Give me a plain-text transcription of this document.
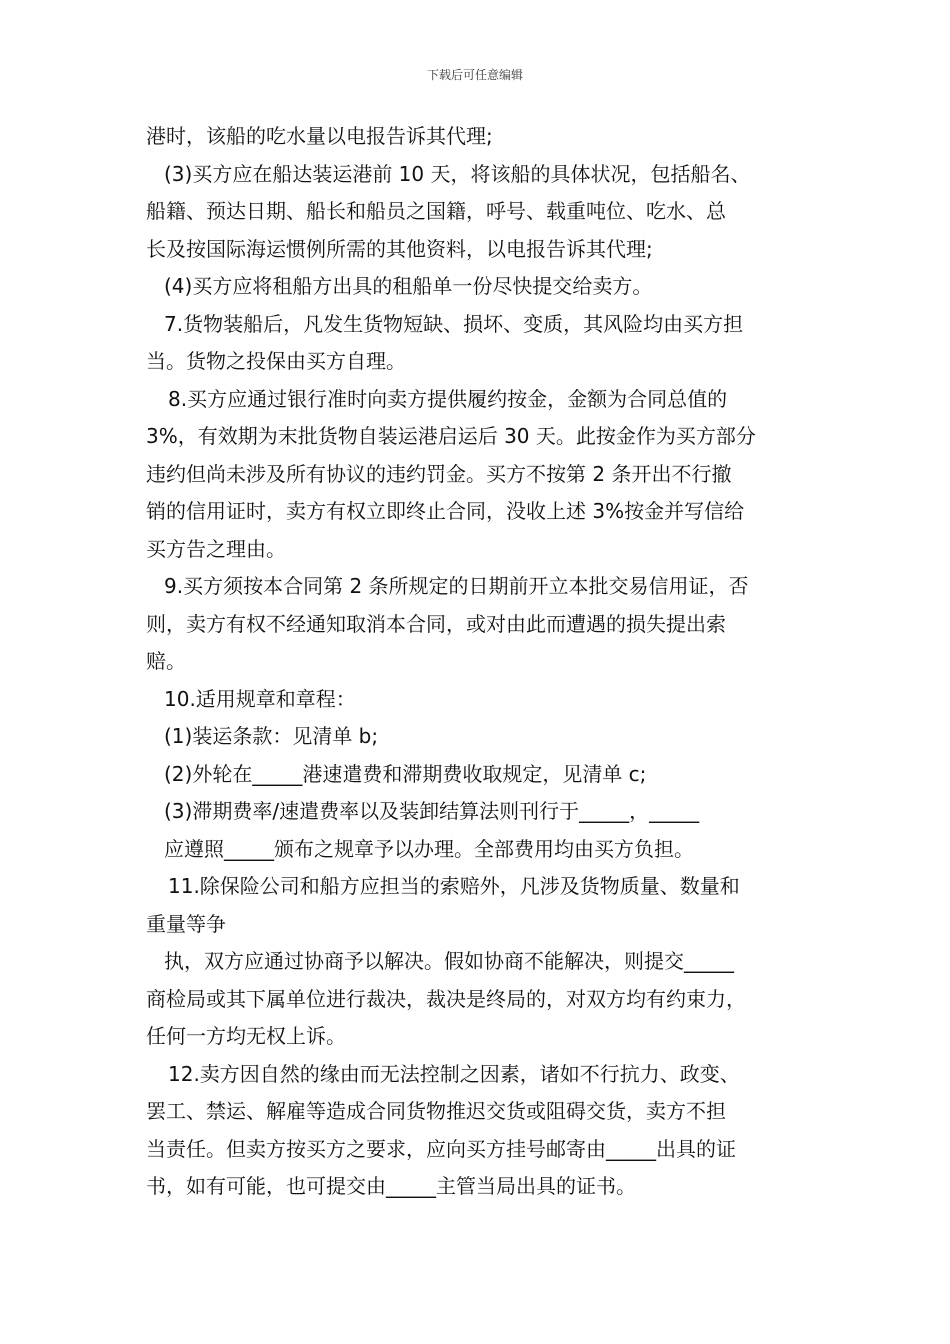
下载后可任意编辑
港时，该船的吃水量以电报告诉其代理;
(3)买方应在船达装运港前 10 天，将该船的具体状况，包括船名、
船籍、预达日期、船长和船员之国籍，呼号、载重吨位、吃水、总
长及按国际海运惯例所需的其他资料，以电报告诉其代理;
(4)买方应将租船方出具的租船单一份尽快提交给卖方。
7.货物装船后，凡发生货物短缺、损坏、变质，其风险均由买方担
当。货物之投保由买方自理。
8.买方应通过银行准时向卖方提供履约按金，金额为合同总值的
3%，有效期为末批货物自装运港启运后 30 天。此按金作为买方部分
违约但尚未涉及所有协议的违约罚金。买方不按第 2 条开出不行撤
销的信用证时，卖方有权立即终止合同，没收上述 3%按金并写信给
买方告之理由。
9.买方须按本合同第 2 条所规定的日期前开立本批交易信用证，否
则，卖方有权不经通知取消本合同，或对由此而遭遇的损失提出索
赔。
10.适用规章和章程：
(1)装运条款：见清单 b;
(2)外轮在_____港速遣费和滞期费收取规定，见清单 c;
(3)滞期费率/速遣费率以及装卸结算法则刊行于_____，_____
应遵照_____颁布之规章予以办理。全部费用均由买方负担。
11.除保险公司和船方应担当的索赔外，凡涉及货物质量、数量和
重量等争
执，双方应通过协商予以解决。假如协商不能解决，则提交_____
商检局或其下属单位进行裁决，裁决是终局的，对双方均有约束力，
任何一方均无权上诉。
12.卖方因自然的缘由而无法控制之因素，诸如不行抗力、政变、
罢工、禁运、解雇等造成合同货物推迟交货或阻碍交货，卖方不担
当责任。但卖方按买方之要求，应向买方挂号邮寄由_____出具的证
书，如有可能，也可提交由_____主管当局出具的证书。
